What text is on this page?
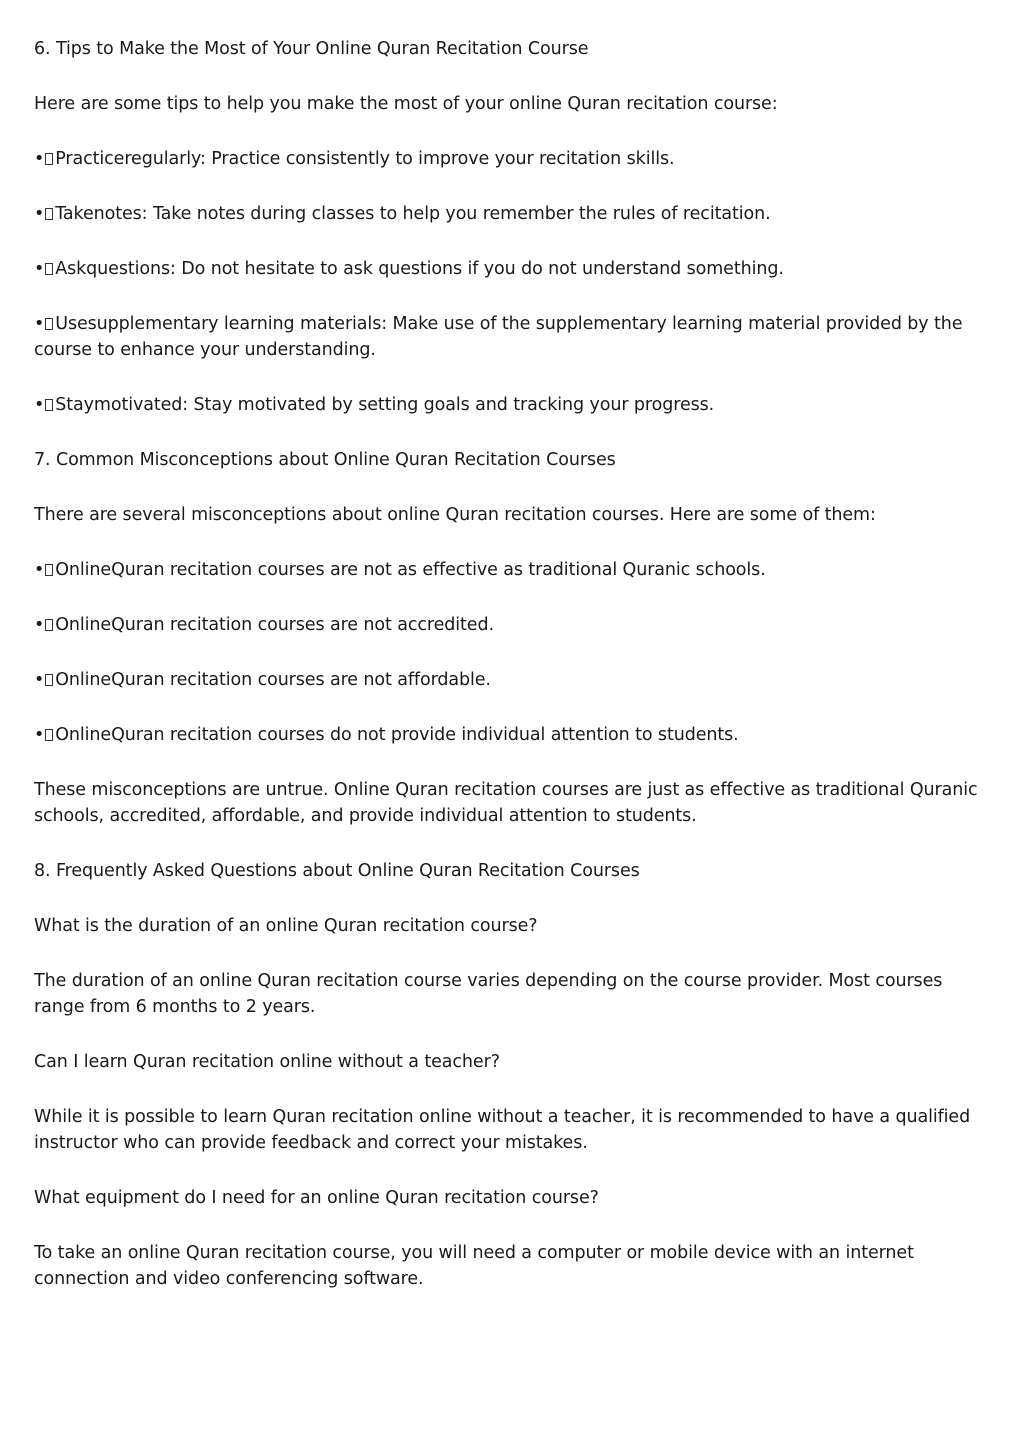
6. Tips to Make the Most of Your Online Quran Recitation Course

Here are some tips to help you make the most of your online Quran recitation course:

• Practiceregularly: Practice consistently to improve your recitation skills.

• Takenotes: Take notes during classes to help you remember the rules of recitation.

• Askquestions: Do not hesitate to ask questions if you do not understand something.

• Usesupplementary learning materials: Make use of the supplementary learning material provided by the course to enhance your understanding.

• Staymotivated: Stay motivated by setting goals and tracking your progress.

7. Common Misconceptions about Online Quran Recitation Courses

There are several misconceptions about online Quran recitation courses. Here are some of them:

• OnlineQuran recitation courses are not as effective as traditional Quranic schools.

• OnlineQuran recitation courses are not accredited.

• OnlineQuran recitation courses are not affordable.

• OnlineQuran recitation courses do not provide individual attention to students.

These misconceptions are untrue. Online Quran recitation courses are just as effective as traditional Quranic schools, accredited, affordable, and provide individual attention to students.

8. Frequently Asked Questions about Online Quran Recitation Courses

What is the duration of an online Quran recitation course?

The duration of an online Quran recitation course varies depending on the course provider. Most courses range from 6 months to 2 years.

Can I learn Quran recitation online without a teacher?

While it is possible to learn Quran recitation online without a teacher, it is recommended to have a qualified instructor who can provide feedback and correct your mistakes.

What equipment do I need for an online Quran recitation course?

To take an online Quran recitation course, you will need a computer or mobile device with an internet connection and video conferencing software.
